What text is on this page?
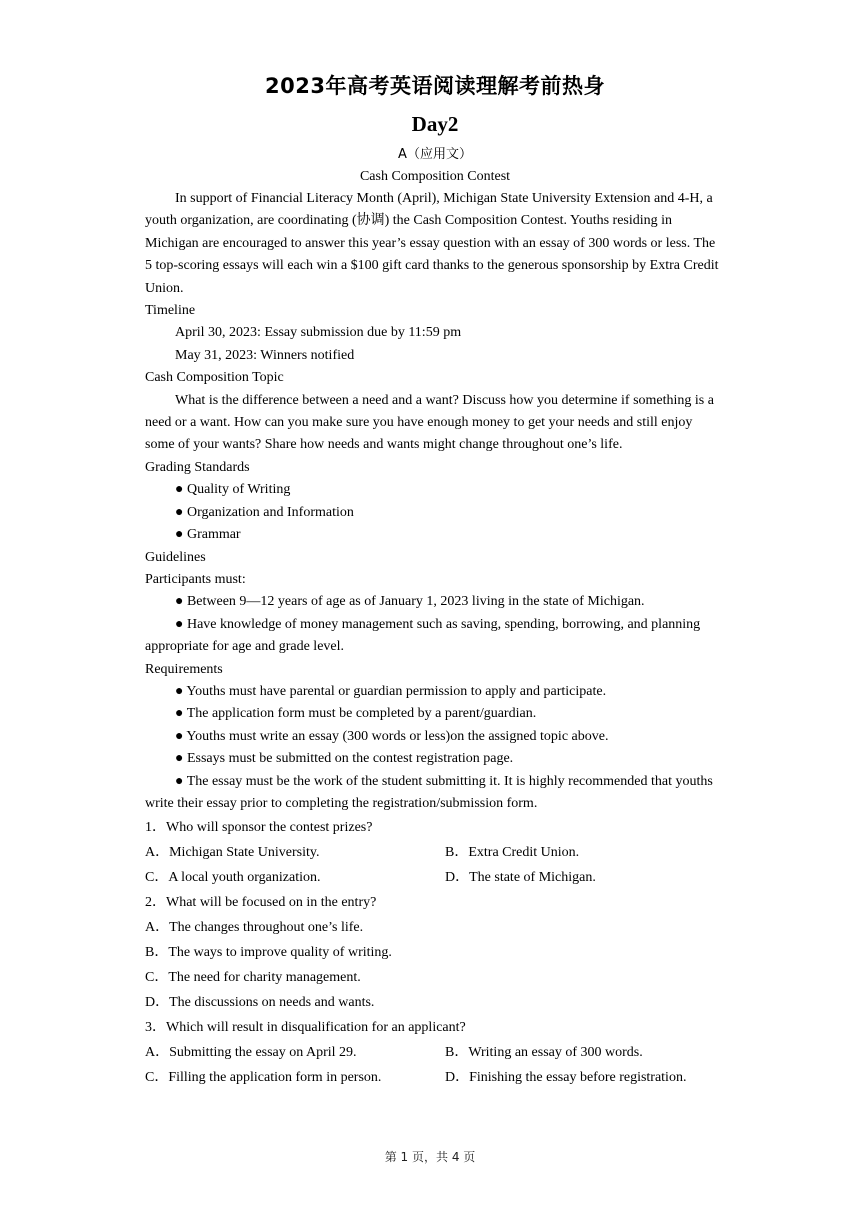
2023年高考英语阅读理解考前热身
Day2
A（应用文）
Cash Composition Contest

In support of Financial Literacy Month (April), Michigan State University Extension and 4-H, a youth organization, are coordinating (协调) the Cash Composition Contest. Youths residing in Michigan are encouraged to answer this year’s essay question with an essay of 300 words or less. The 5 top-scoring essays will each win a $100 gift card thanks to the generous sponsorship by Extra Credit Union.

Timeline

April 30, 2023: Essay submission due by 11:59 pm

May 31, 2023: Winners notified

Cash Composition Topic

What is the difference between a need and a want? Discuss how you determine if something is a need or a want. How can you make sure you have enough money to get your needs and still enjoy some of your wants? Share how needs and wants might change throughout one’s life.

Grading Standards

● Quality of Writing

● Organization and Information

● Grammar

Guidelines

Participants must:

● Between 9—12 years of age as of January 1, 2023 living in the state of Michigan.

● Have knowledge of money management such as saving, spending, borrowing, and planning appropriate for age and grade level.

Requirements

● Youths must have parental or guardian permission to apply and participate.

● The application form must be completed by a parent/guardian.

● Youths must write an essay (300 words or less)on the assigned topic above.

● Essays must be submitted on the contest registration page.

● The essay must be the work of the student submitting it. It is highly recommended that youths write their essay prior to completing the registration/submission form.

1．Who will sponsor the contest prizes?

A．Michigan State University.	B．Extra Credit Union.
C．A local youth organization.	D．The state of Michigan.

2．What will be focused on in the entry?

A．The changes throughout one’s life.

B．The ways to improve quality of writing.

C．The need for charity management.

D．The discussions on needs and wants.

3．Which will result in disqualification for an applicant?

A．Submitting the essay on April 29.	B．Writing an essay of 300 words.
C．Filling the application form in person.	D．Finishing the essay before registration.
第 1 页，共 4 页
